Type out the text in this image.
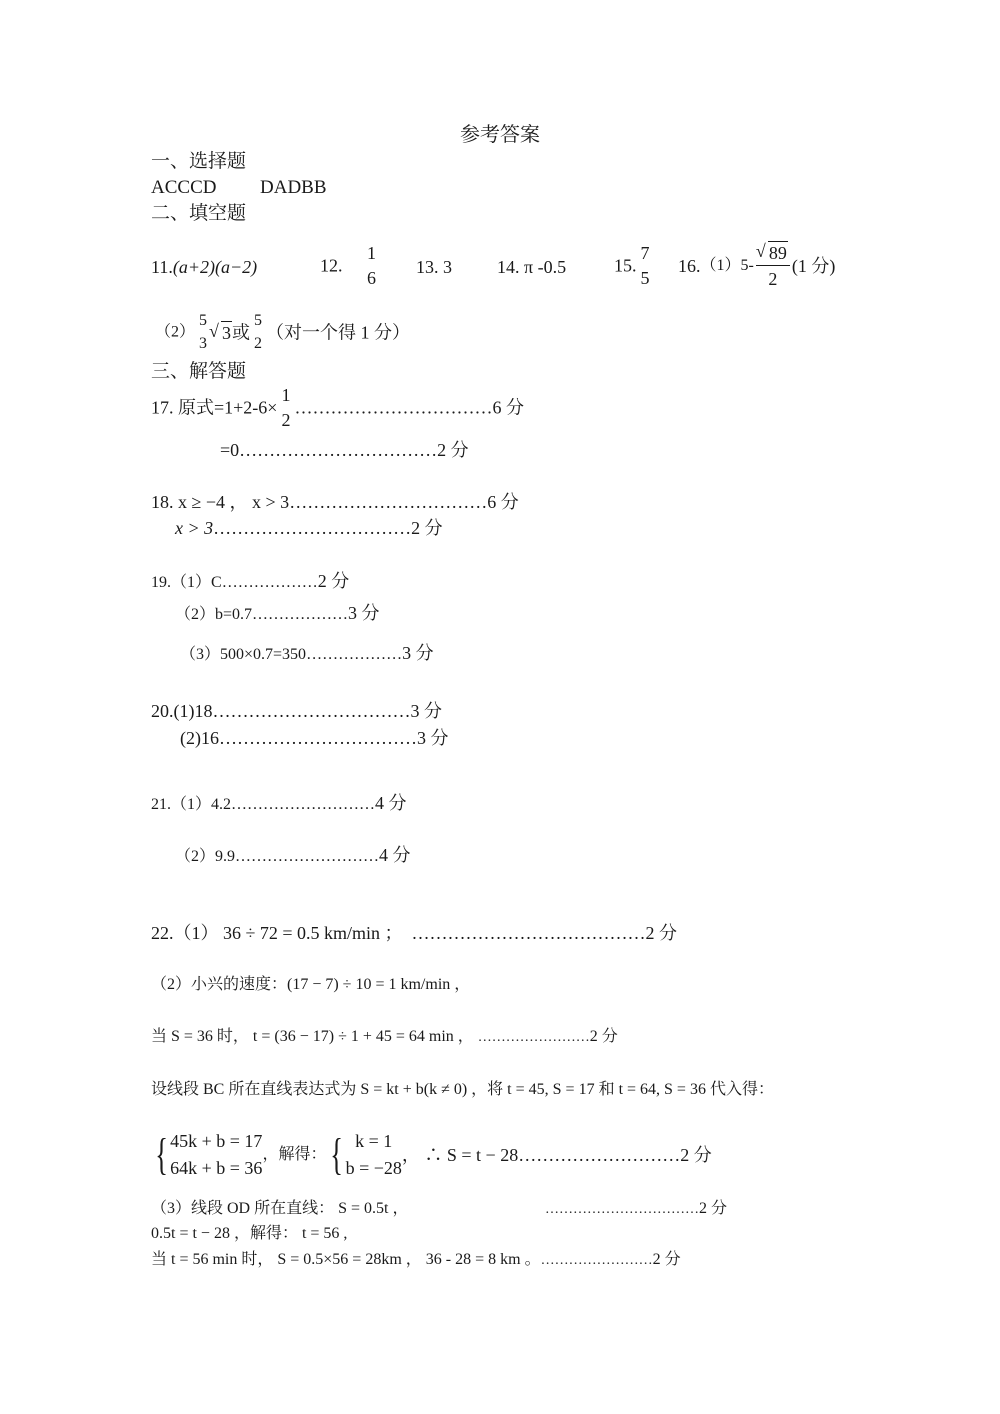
参考答案
一、选择题
ACCCD DADBB
二、填空题
11.(a+2)(a−2)	12.
1
6
13. 3	14. π -0.5	15.
7
5
16.（1）5- √ $\frac{89}{2} (1$ 分)
（2）
5
3
√ 3或
5
2
（对一个得 1 分）
三、解答题
17. 原式=1+2-6×
1
2
……………………………6 分
=0……………………………2 分
18. x ≥ −4 ， x > 3……………………………6 分
x > 3……………………………2 分
19.（1）C………………2 分
（2）b=0.7………………3 分
（3）500×0.7=350………………3 分
20.(1)18……………………………3 分
(2)16……………………………3 分
21.（1）4.2………………………4 分
（2）9.9………………………4 分
22.（1） 36 ÷ 72 = 0.5 km/min ； …………………………………2 分
（2）小兴的速度：(17 − 7) ÷ 10 = 1 km/min ，
当 S = 36 时， t = (36 − 17) ÷ 1 + 45 = 64 min ， ……………………2 分
设线段 BC 所在直线表达式为 S = kt + b(k ≠ 0) ，将 t = 45, S = 17 和 t = 64, S = 36 代入得：
{ 45k + b = 17
64k + b = 36
，解得：{ k = 1
b = −28
， ∴ S = t − 28………………………2 分
（3）线段 OD 所在直线： S = 0.5t ，	……………………………2 分
0.5t = t − 28 ，解得： t = 56 ,
当 t = 56 min 时， S = 0.5×56 = 28km ， 36 - 28 = 8 km 。……………………2 分
